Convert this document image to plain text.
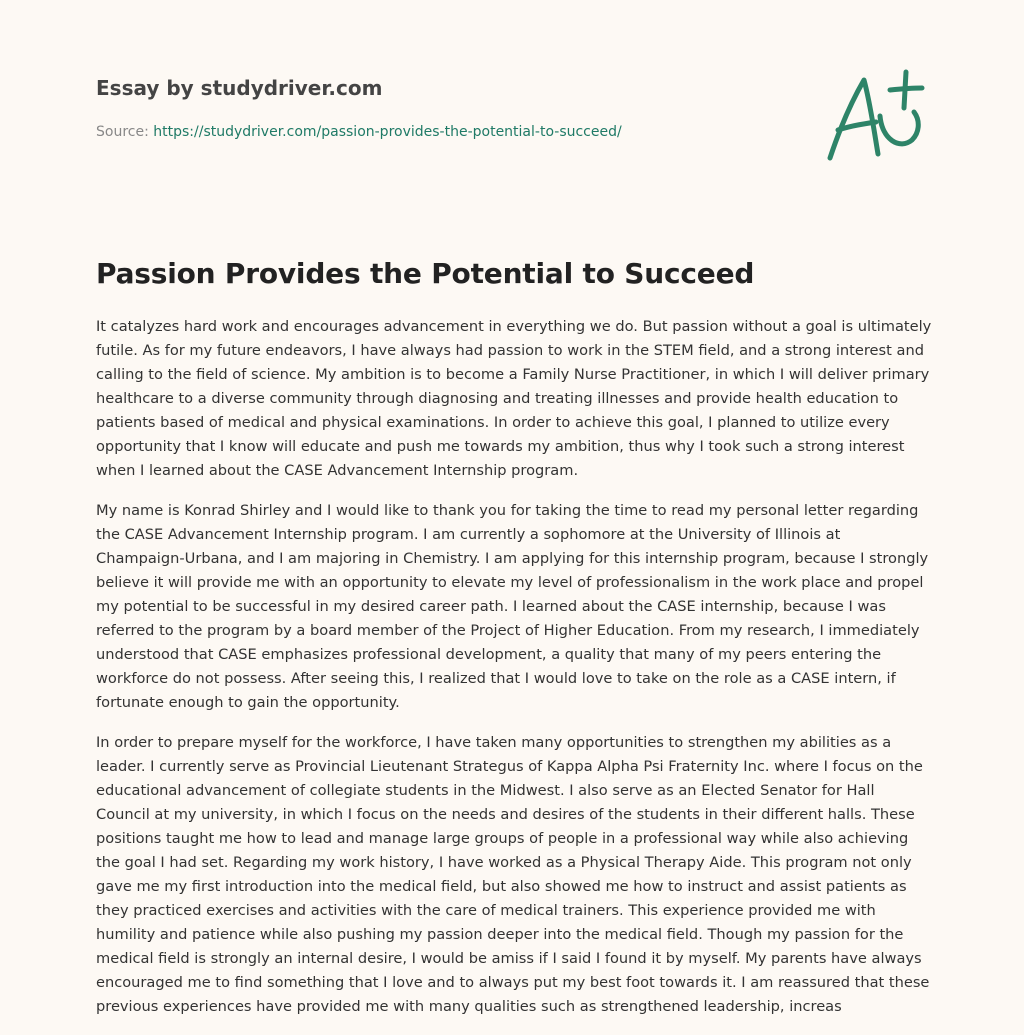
Essay by studydriver.com
Source: https://studydriver.com/passion-provides-the-potential-to-succeed/
Passion Provides the Potential to Succeed

It catalyzes hard work and encourages advancement in everything we do. But passion without a goal is ultimately futile. As for my future endeavors, I have always had passion to work in the STEM field, and a strong interest and calling to the field of science. My ambition is to become a Family Nurse Practitioner, in which I will deliver primary healthcare to a diverse community through diagnosing and treating illnesses and provide health education to patients based of medical and physical examinations. In order to achieve this goal, I planned to utilize every opportunity that I know will educate and push me towards my ambition, thus why I took such a strong interest when I learned about the CASE Advancement Internship program.

My name is Konrad Shirley and I would like to thank you for taking the time to read my personal letter regarding the CASE Advancement Internship program. I am currently a sophomore at the University of Illinois at Champaign-Urbana, and I am majoring in Chemistry. I am applying for this internship program, because I strongly believe it will provide me with an opportunity to elevate my level of professionalism in the work place and propel my potential to be successful in my desired career path. I learned about the CASE internship, because I was referred to the program by a board member of the Project of Higher Education. From my research, I immediately understood that CASE emphasizes professional development, a quality that many of my peers entering the workforce do not possess. After seeing this, I realized that I would love to take on the role as a CASE intern, if fortunate enough to gain the opportunity.

In order to prepare myself for the workforce, I have taken many opportunities to strengthen my abilities as a leader. I currently serve as Provincial Lieutenant Strategus of Kappa Alpha Psi Fraternity Inc. where I focus on the educational advancement of collegiate students in the Midwest. I also serve as an Elected Senator for Hall Council at my university, in which I focus on the needs and desires of the students in their different halls. These positions taught me how to lead and manage large groups of people in a professional way while also achieving the goal I had set. Regarding my work history, I have worked as a Physical Therapy Aide. This program not only gave me my first introduction into the medical field, but also showed me how to instruct and assist patients as they practiced exercises and activities with the care of medical trainers. This experience provided me with humility and patience while also pushing my passion deeper into the medical field. Though my passion for the medical field is strongly an internal desire, I would be amiss if I said I found it by myself. My parents have always encouraged me to find something that I love and to always put my best foot towards it. I am reassured that these previous experiences have provided me with many qualities such as strengthened leadership, increas
